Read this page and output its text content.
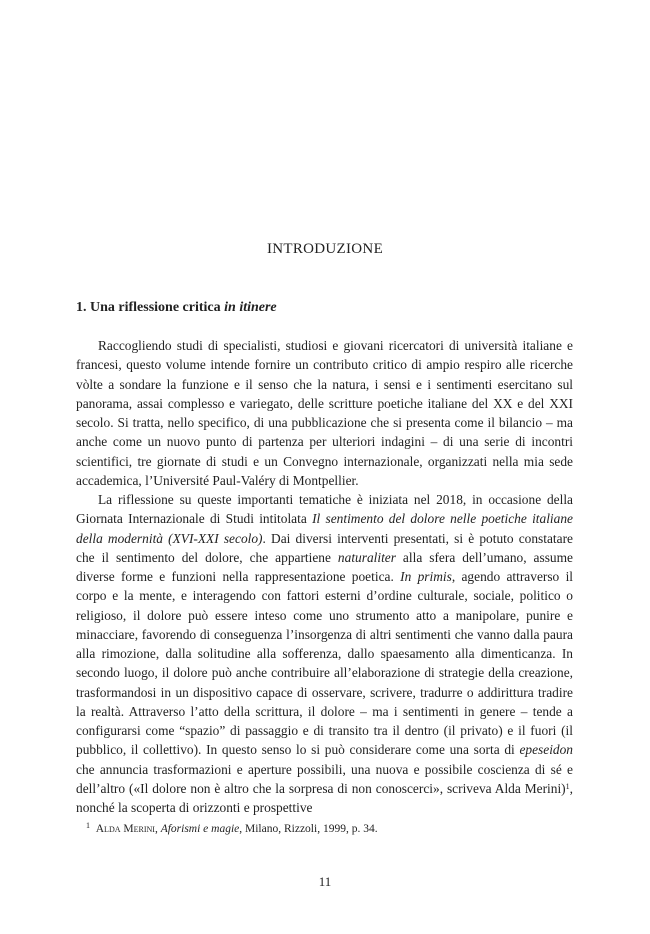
INTRODUZIONE
1. Una riflessione critica in itinere

Raccogliendo studi di specialisti, studiosi e giovani ricercatori di università italiane e francesi, questo volume intende fornire un contributo critico di ampio respiro alle ricerche vòlte a sondare la funzione e il senso che la natura, i sensi e i sentimenti esercitano sul panorama, assai complesso e variegato, delle scritture poetiche italiane del XX e del XXI secolo. Si tratta, nello specifico, di una pubblicazione che si presenta come il bilancio – ma anche come un nuovo punto di partenza per ulteriori indagini – di una serie di incontri scientifici, tre giornate di studi e un Convegno internazionale, organizzati nella mia sede accademica, l’Université Paul-Valéry di Montpellier.

La riflessione su queste importanti tematiche è iniziata nel 2018, in occasione della Giornata Internazionale di Studi intitolata Il sentimento del dolore nelle poetiche italiane della modernità (XVI-XXI secolo). Dai diversi interventi presentati, si è potuto constatare che il sentimento del dolore, che appartiene naturaliter alla sfera dell’umano, assume diverse forme e funzioni nella rappresentazione poetica. In primis, agendo attraverso il corpo e la mente, e interagendo con fattori esterni d’ordine culturale, sociale, politico o religioso, il dolore può essere inteso come uno strumento atto a manipolare, punire e minacciare, favorendo di conseguenza l’insorgenza di altri sentimenti che vanno dalla paura alla rimozione, dalla solitudine alla sofferenza, dallo spaesamento alla dimenticanza. In secondo luogo, il dolore può anche contribuire all’elaborazione di strategie della creazione, trasformandosi in un dispositivo capace di osservare, scrivere, tradurre o addirittura tradire la realtà. Attraverso l’atto della scrittura, il dolore – ma i sentimenti in genere – tende a configurarsi come “spazio” di passaggio e di transito tra il dentro (il privato) e il fuori (il pubblico, il collettivo). In questo senso lo si può considerare come una sorta di epeseidon che annuncia trasformazioni e aperture possibili, una nuova e possibile coscienza di sé e dell’altro («Il dolore non è altro che la sorpresa di non conoscerci», scriveva Alda Merini)$^1$, nonché la scoperta di orizzonti e prospettive

$^1$ Alda Merini, Aforismi e magie, Milano, Rizzoli, 1999, p. 34.
11
